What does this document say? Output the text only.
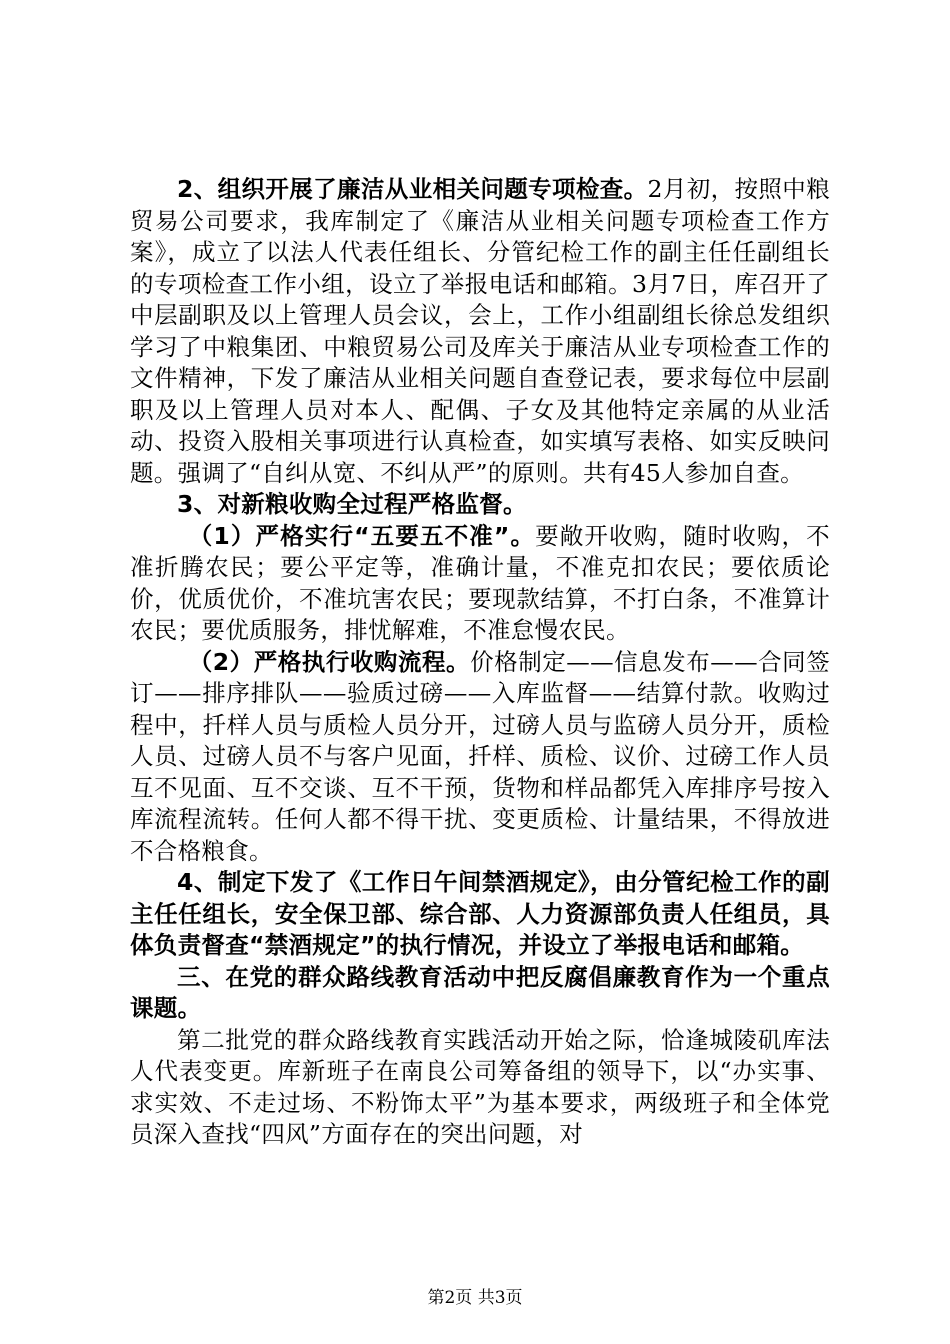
2、组织开展了廉洁从业相关问题专项检查。2月初，按照中粮贸易公司要求，我库制定了《廉洁从业相关问题专项检查工作方案》，成立了以法人代表任组长、分管纪检工作的副主任任副组长的专项检查工作小组，设立了举报电话和邮箱。3月7日，库召开了中层副职及以上管理人员会议，会上，工作小组副组长徐总发组织学习了中粮集团、中粮贸易公司及库关于廉洁从业专项检查工作的文件精神，下发了廉洁从业相关问题自查登记表，要求每位中层副职及以上管理人员对本人、配偶、子女及其他特定亲属的从业活动、投资入股相关事项进行认真检查，如实填写表格、如实反映问题。强调了“自纠从宽、不纠从严”的原则。共有45人参加自查。

3、对新粮收购全过程严格监督。

（1）严格实行“五要五不准”。要敞开收购，随时收购，不准折腾农民；要公平定等，准确计量，不准克扣农民；要依质论价，优质优价，不准坑害农民；要现款结算，不打白条，不准算计农民；要优质服务，排忧解难，不准怠慢农民。

（2）严格执行收购流程。价格制定——信息发布——合同签订——排序排队——验质过磅——入库监督——结算付款。收购过程中，扦样人员与质检人员分开，过磅人员与监磅人员分开，质检人员、过磅人员不与客户见面，扦样、质检、议价、过磅工作人员互不见面、互不交谈、互不干预，货物和样品都凭入库排序号按入库流程流转。任何人都不得干扰、变更质检、计量结果，不得放进不合格粮食。

4、制定下发了《工作日午间禁酒规定》，由分管纪检工作的副主任任组长，安全保卫部、综合部、人力资源部负责人任组员，具体负责督查“禁酒规定”的执行情况，并设立了举报电话和邮箱。

三、在党的群众路线教育活动中把反腐倡廉教育作为一个重点课题。

第二批党的群众路线教育实践活动开始之际，恰逢城陵矶库法人代表变更。库新班子在南良公司筹备组的领导下，以“办实事、求实效、不走过场、不粉饰太平”为基本要求，两级班子和全体党员深入查找“四风”方面存在的突出问题，对

第2页 共3页
